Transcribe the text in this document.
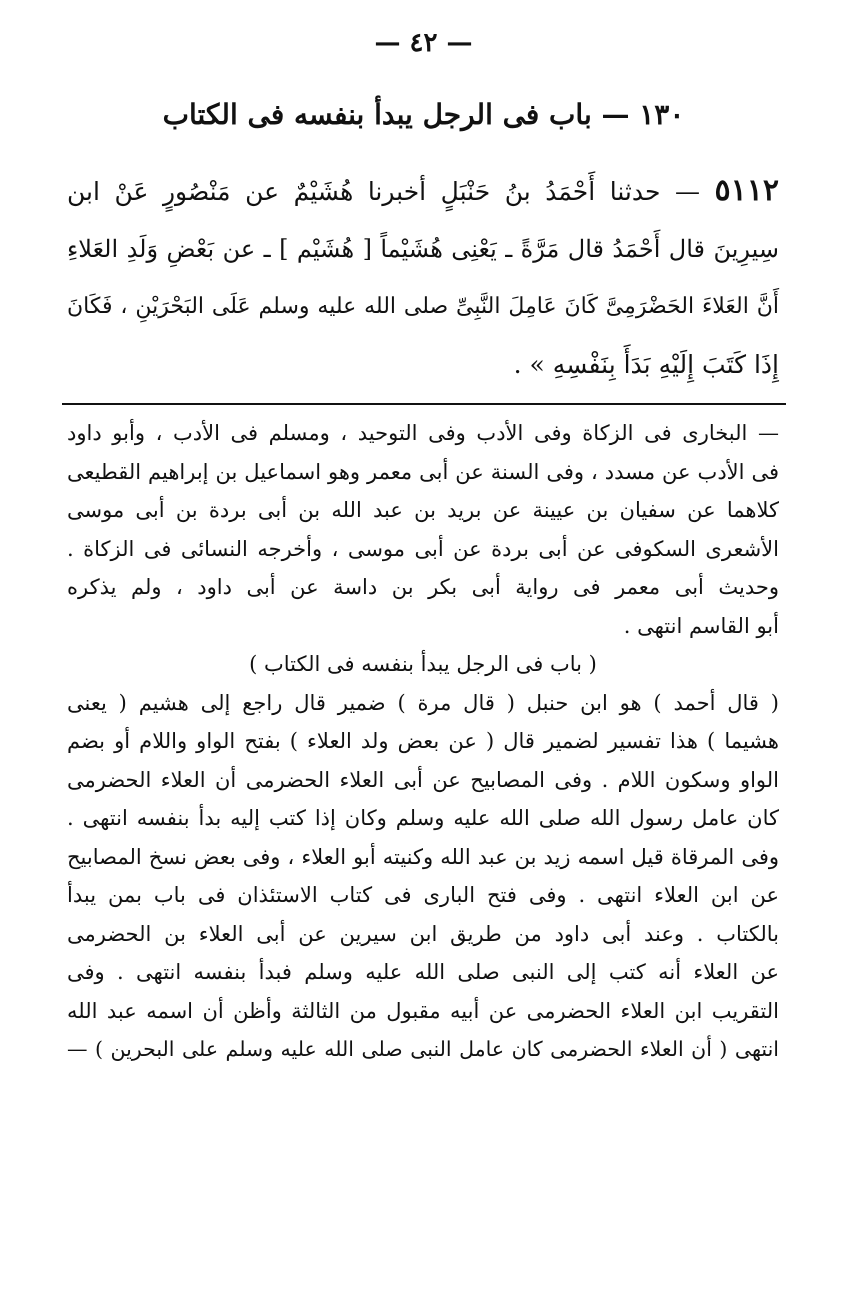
— ٤٢ —
١٣٠ — باب فى الرجل يبدأ بنفسه فى الكتاب
٥١١٢ — حدثنا أَحْمَدُ بنُ حَنْبَلٍ أخبرنا هُشَيْمٌ عن مَنْصُورٍ عَنْ ابن
سِيرِينَ قال أَحْمَدُ قال مَرَّةً ـ يَعْنِى هُشَيْماً [ هُشَيْم ] ـ عن بَعْضِ وَلَدِ العَلاءِ
أَنَّ العَلاءَ الحَضْرَمِىَّ كَانَ عَامِلَ النَّبِىِّ صلى الله عليه وسلم عَلَى البَحْرَيْنِ ، فَكَانَ
إِذَا كَتَبَ إِلَيْهِ بَدَأَ بِنَفْسِهِ » .
— البخارى فى الزكاة وفى الأدب وفى التوحيد ، ومسلم فى الأدب ، وأبو داود
فى الأدب عن مسدد ، وفى السنة عن أبى معمر وهو اسماعيل بن إبراهيم القطيعى
كلاهما عن سفيان بن عيينة عن بريد بن عبد الله بن أبى بردة بن أبى موسى
الأشعرى السكوفى عن أبى بردة عن أبى موسى ، وأخرجه النسائى فى الزكاة .
وحديث أبى معمر فى رواية أبى بكر بن داسة عن أبى داود ، ولم يذكره
أبو القاسم انتهى .
( باب فى الرجل يبدأ بنفسه فى الكتاب )
( قال أحمد ) هو ابن حنبل ( قال مرة ) ضمير قال راجع إلى هشيم ( يعنى
هشيما ) هذا تفسير لضمير قال ( عن بعض ولد العلاء ) بفتح الواو واللام أو بضم
الواو وسكون اللام . وفى المصابيح عن أبى العلاء الحضرمى أن العلاء الحضرمى
كان عامل رسول الله صلى الله عليه وسلم وكان إذا كتب إليه بدأ بنفسه انتهى .
وفى المرقاة قيل اسمه زيد بن عبد الله وكنيته أبو العلاء ، وفى بعض نسخ المصابيح
عن ابن العلاء انتهى . وفى فتح البارى فى كتاب الاستئذان فى باب بمن يبدأ
بالكتاب . وعند أبى داود من طريق ابن سيرين عن أبى العلاء بن الحضرمى
عن العلاء أنه كتب إلى النبى صلى الله عليه وسلم فبدأ بنفسه انتهى . وفى
التقريب ابن العلاء الحضرمى عن أبيه مقبول من الثالثة وأظن أن اسمه عبد الله
انتهى ( أن العلاء الحضرمى كان عامل النبى صلى الله عليه وسلم على البحرين ) —
